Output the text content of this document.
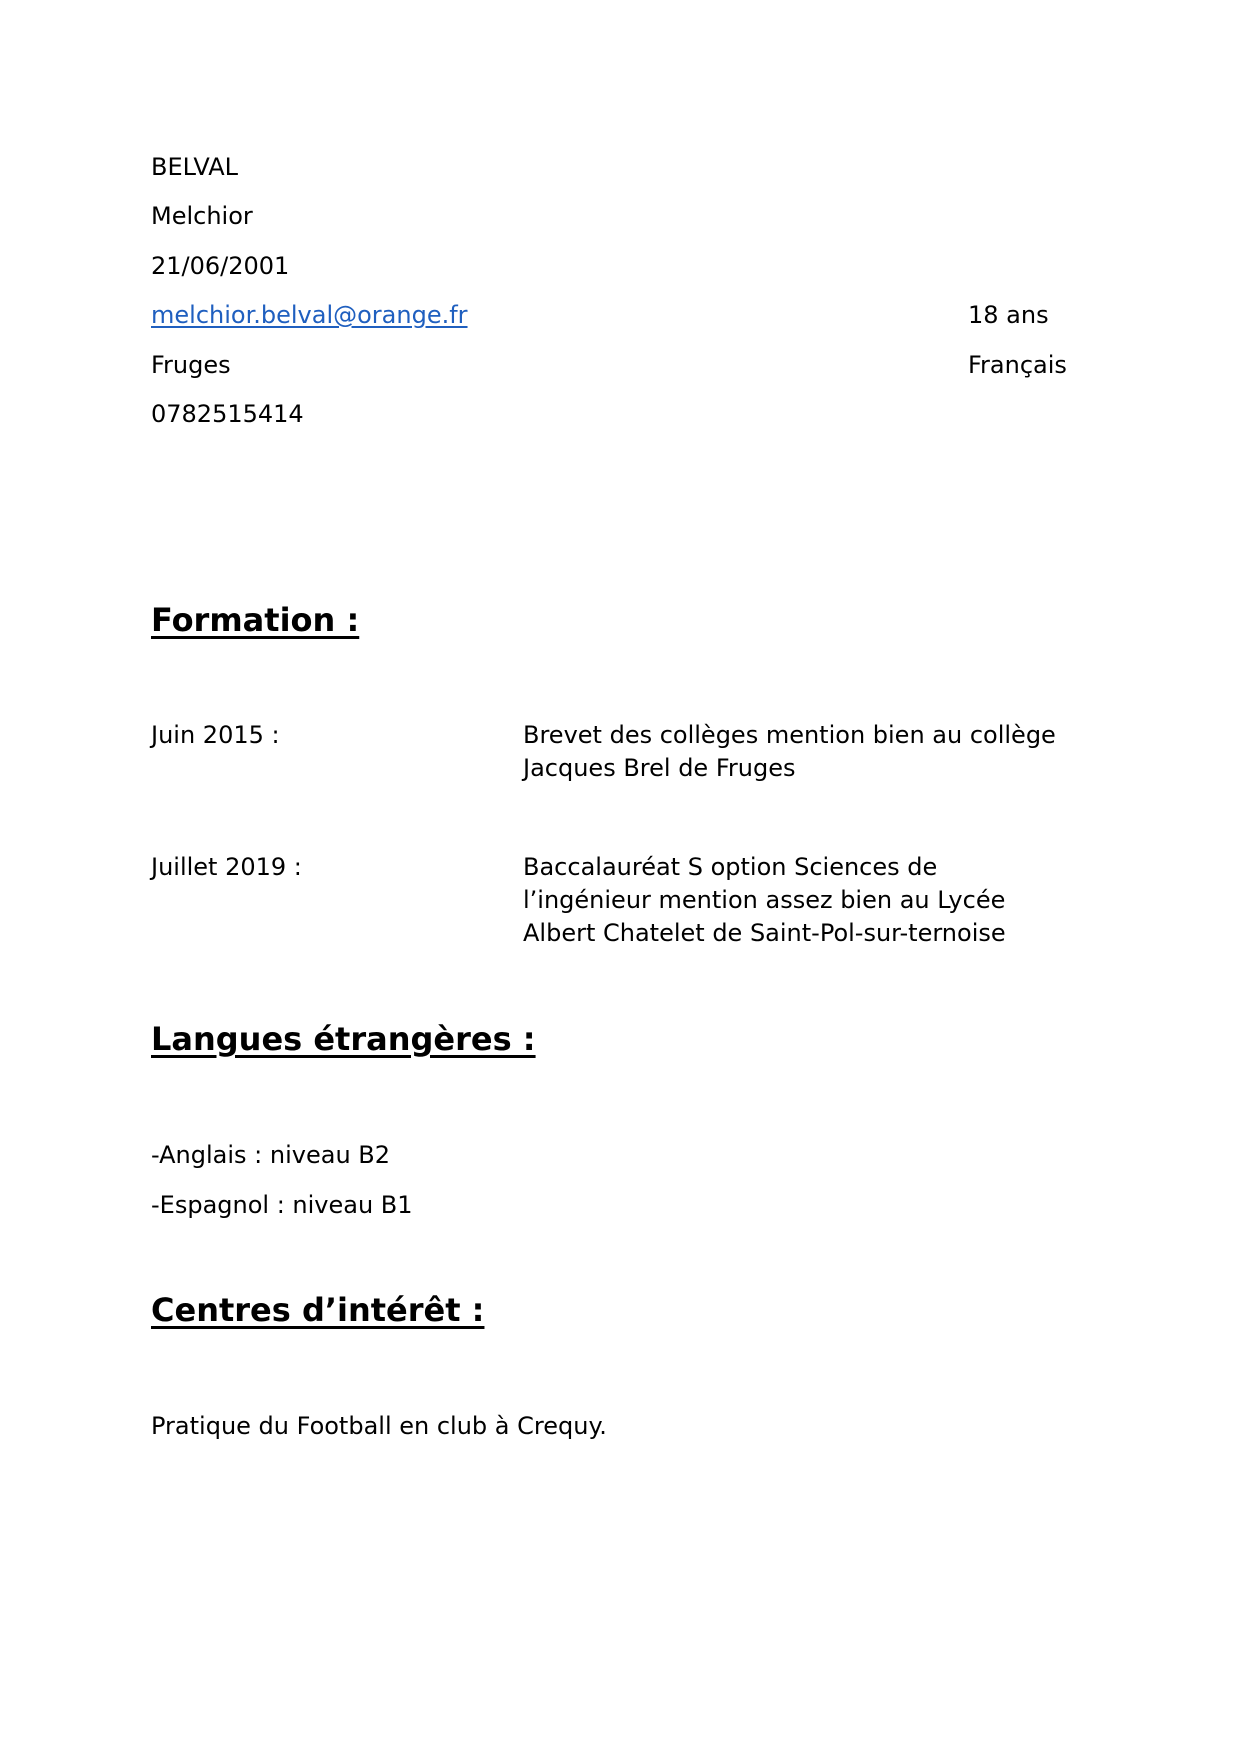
BELVAL

Melchior

21/06/2001

melchior.belval@orange.fr	18 ans

Fruges	Français

0782515414

Formation :

Juin 2015 :	Brevet des collèges mention bien au collège
Jacques Brel de Fruges

Juillet 2019 :	Baccalauréat S option Sciences de
l’ingénieur mention assez bien au Lycée
Albert Chatelet de Saint-Pol-sur-ternoise
Langues étrangères :

-Anglais : niveau B2

-Espagnol : niveau B1

Centres d’intérêt :

Pratique du Football en club à Crequy.
